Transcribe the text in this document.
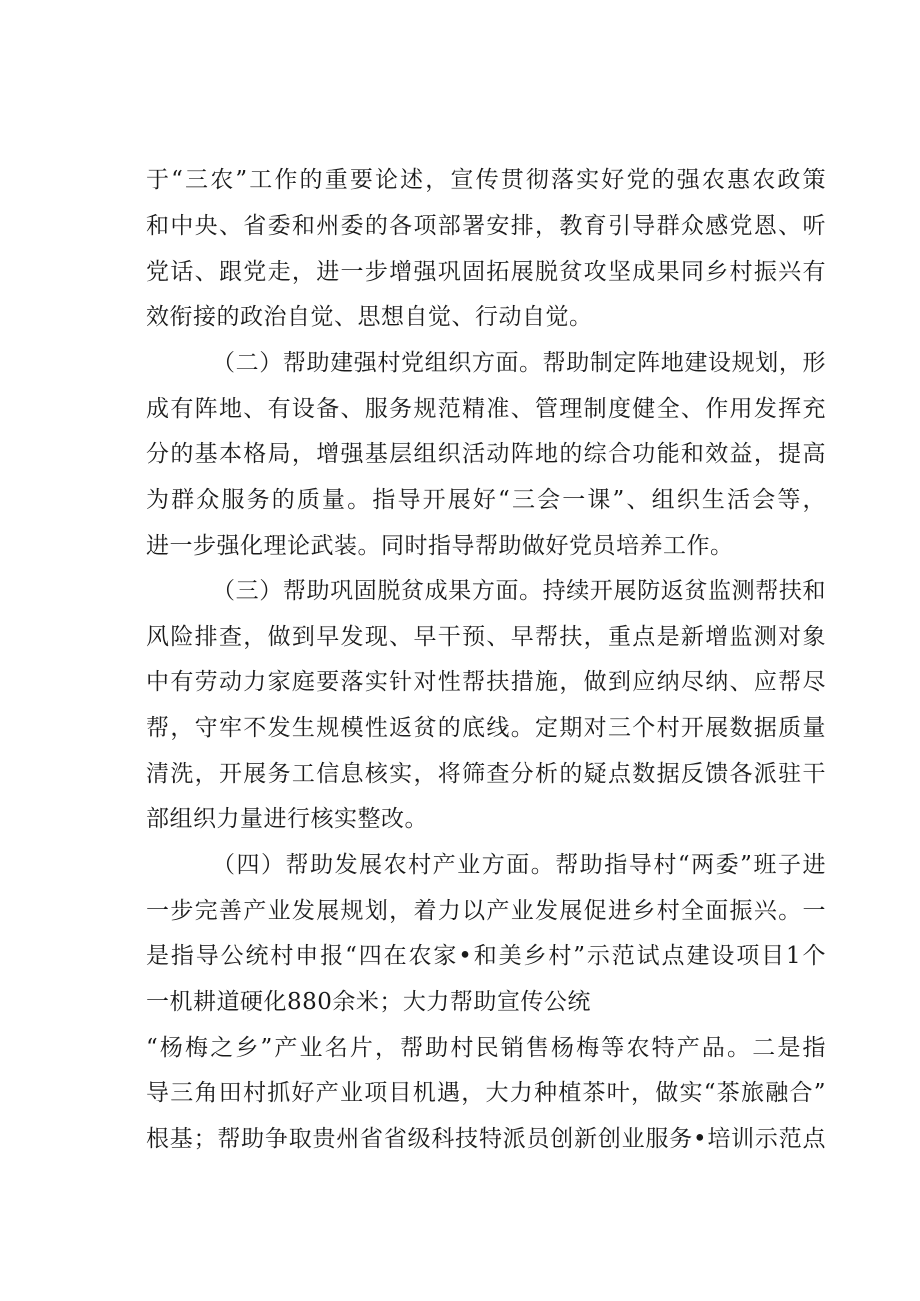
于“三农”工作的重要论述，宣传贯彻落实好党的强农惠农政策
和中央、省委和州委的各项部署安排，教育引导群众感党恩、听
党话、跟党走，进一步增强巩固拓展脱贫攻坚成果同乡村振兴有
效衔接的政治自觉、思想自觉、行动自觉。
（二）帮助建强村党组织方面。帮助制定阵地建设规划，形
成有阵地、有设备、服务规范精准、管理制度健全、作用发挥充
分的基本格局，增强基层组织活动阵地的综合功能和效益，提高
为群众服务的质量。指导开展好“三会一课”、组织生活会等，
进一步强化理论武装。同时指导帮助做好党员培养工作。
（三）帮助巩固脱贫成果方面。持续开展防返贫监测帮扶和
风险排查，做到早发现、早干预、早帮扶，重点是新增监测对象
中有劳动力家庭要落实针对性帮扶措施，做到应纳尽纳、应帮尽
帮，守牢不发生规模性返贫的底线。定期对三个村开展数据质量
清洗，开展务工信息核实，将筛查分析的疑点数据反馈各派驻干
部组织力量进行核实整改。
（四）帮助发展农村产业方面。帮助指导村“两委”班子进
一步完善产业发展规划，着力以产业发展促进乡村全面振兴。一
是指导公统村申报“四在农家•和美乡村”示范试点建设项目1个
一机耕道硬化880余米；大力帮助宣传公统
“杨梅之乡”产业名片，帮助村民销售杨梅等农特产品。二是指
导三角田村抓好产业项目机遇，大力种植茶叶，做实“茶旅融合”
根基；帮助争取贵州省省级科技特派员创新创业服务•培训示范点
